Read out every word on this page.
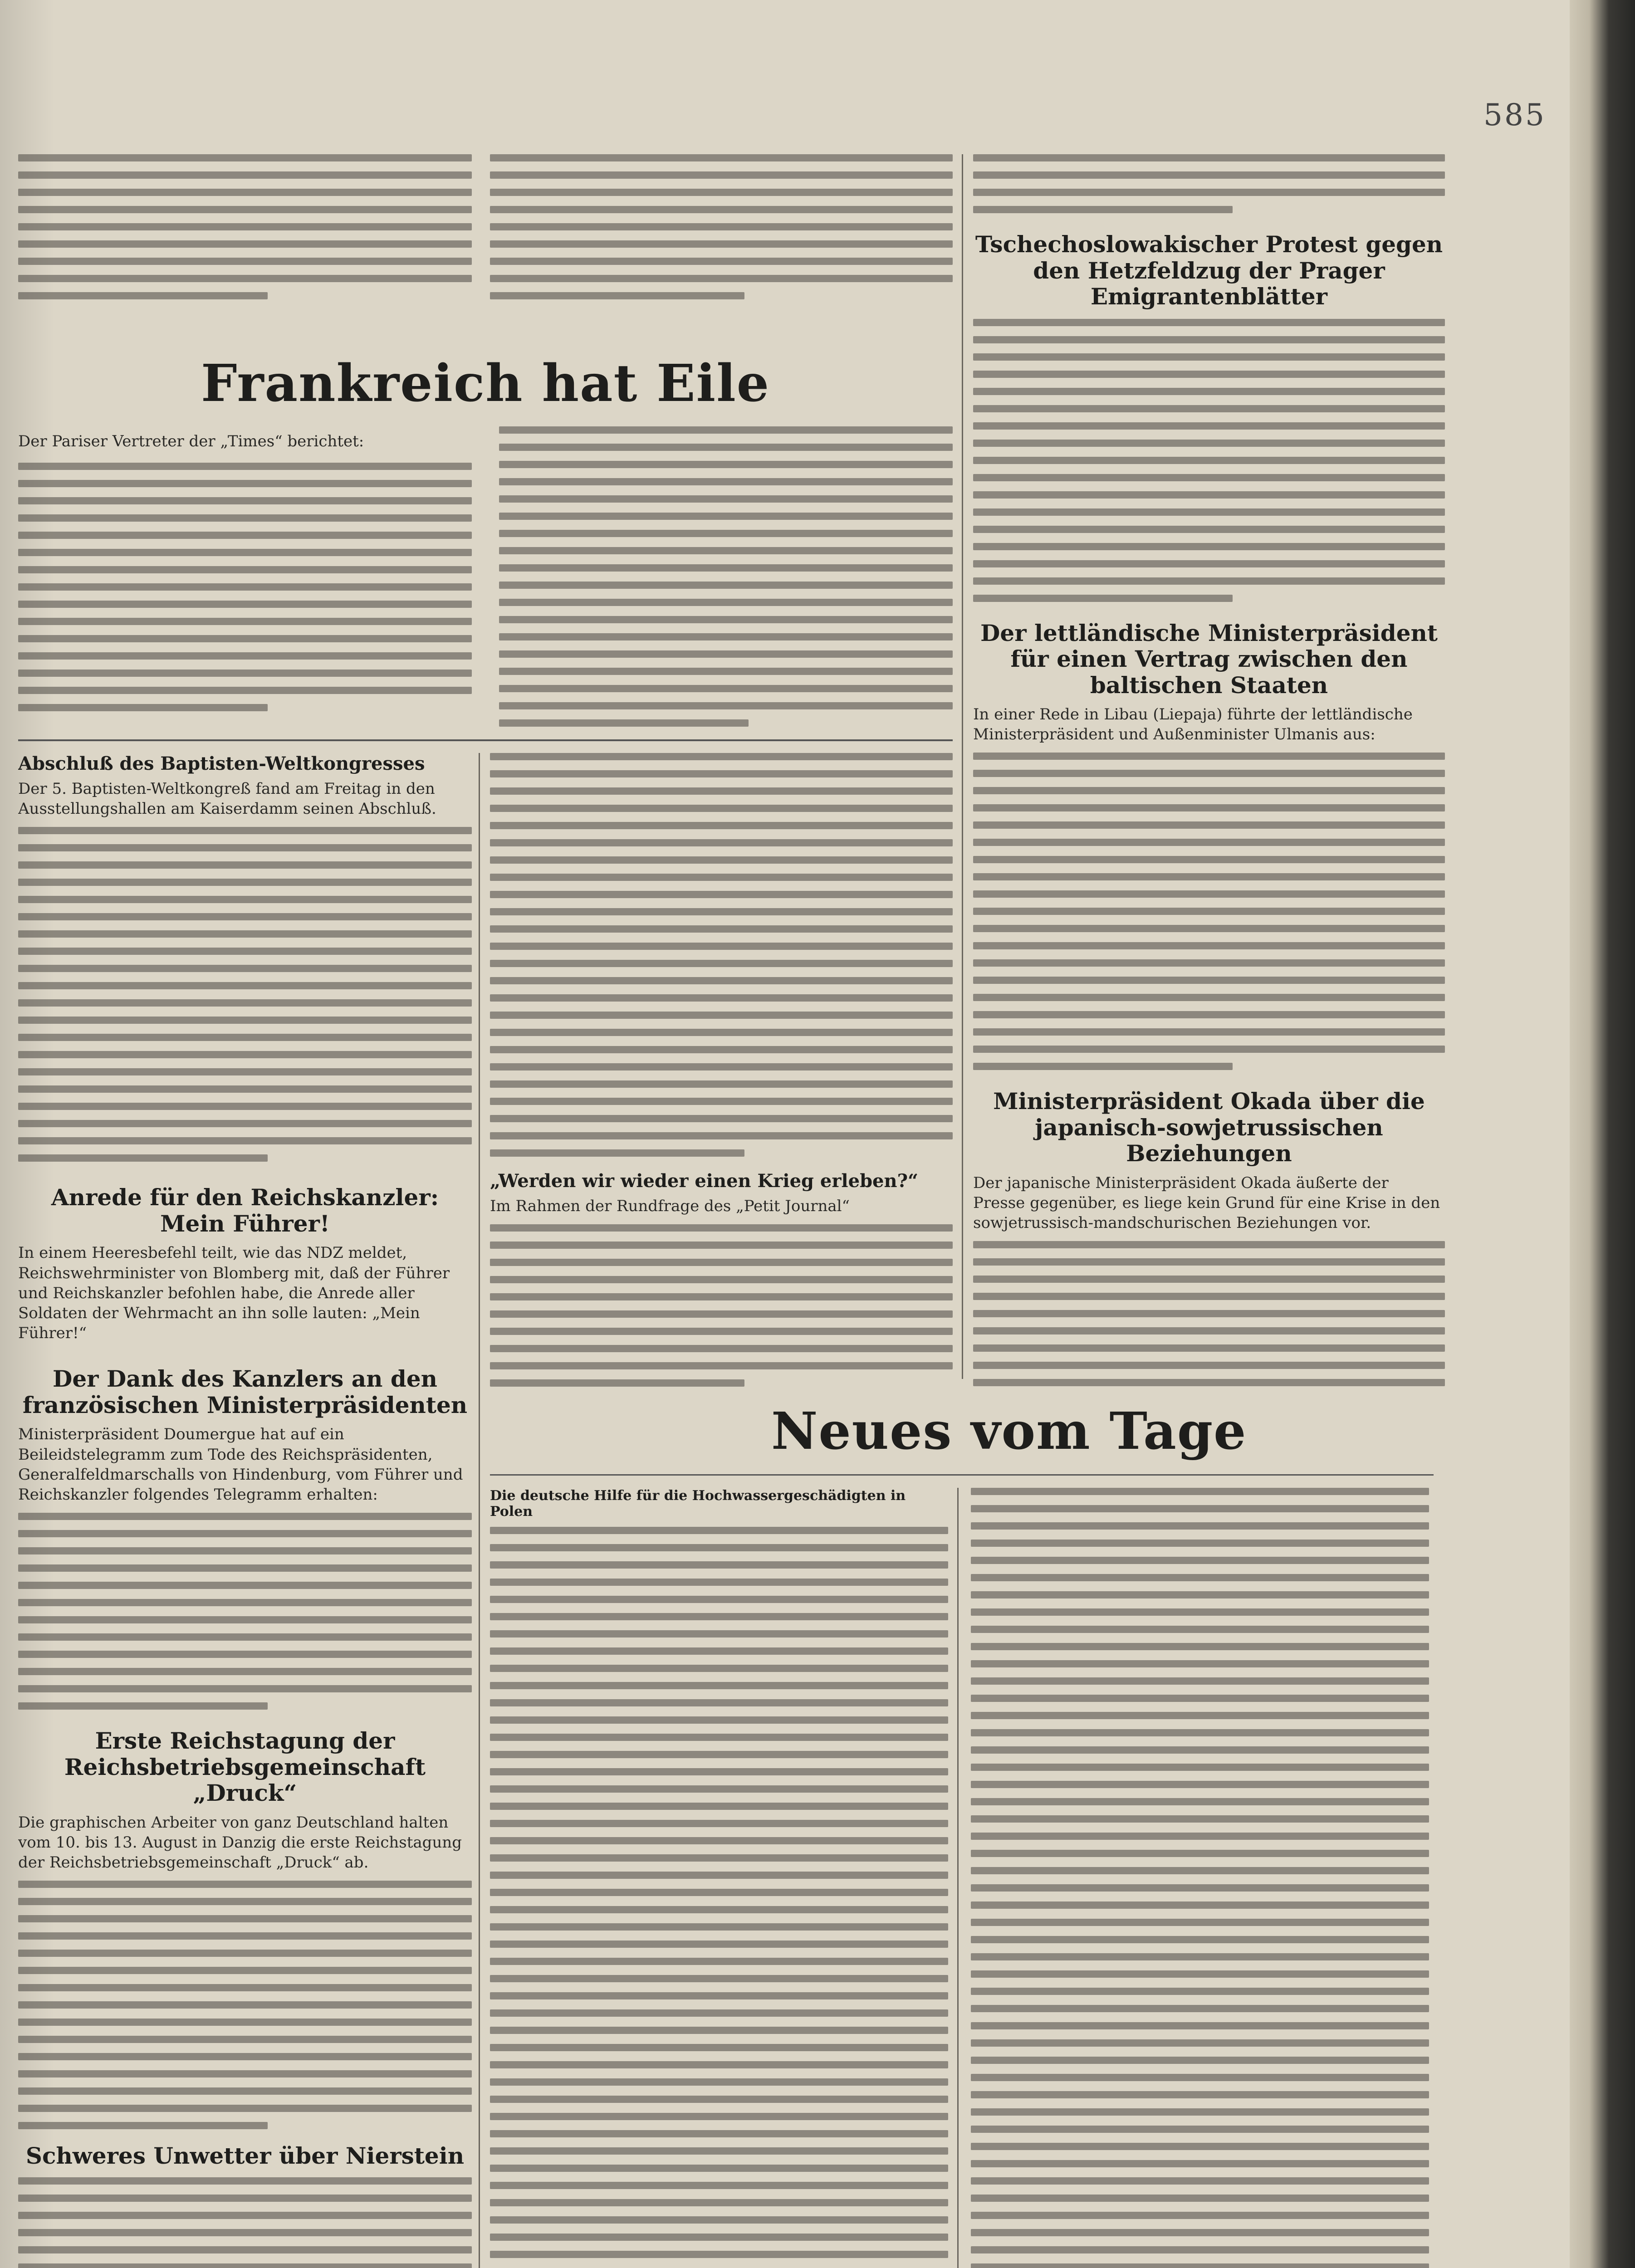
585
Frankreich hat Eile
Der Pariser Vertreter der „Times“ berichtet:
Abschluß des Baptisten-Weltkongresses
Der 5. Baptisten-Weltkongreß fand am Freitag in den Ausstellungshallen am Kaiserdamm seinen Abschluß.
Anrede für den Reichskanzler: Mein Führer!
In einem Heeresbefehl teilt, wie das NDZ meldet, Reichswehrminister von Blomberg mit, daß der Führer und Reichskanzler befohlen habe, die Anrede aller Soldaten der Wehrmacht an ihn solle lauten: „Mein Führer!“
Der Dank des Kanzlers an den französischen Ministerpräsidenten
Ministerpräsident Doumergue hat auf ein Beileidstelegramm zum Tode des Reichspräsidenten, Generalfeldmarschalls von Hindenburg, vom Führer und Reichskanzler folgendes Telegramm erhalten:
Erste Reichstagung der Reichsbetriebsgemeinschaft „Druck“
Die graphischen Arbeiter von ganz Deutschland halten vom 10. bis 13. August in Danzig die erste Reichstagung der Reichsbetriebsgemeinschaft „Druck“ ab.
Schweres Unwetter über Nierstein
„Werden wir wieder einen Krieg erleben?“
Im Rahmen der Rundfrage des „Petit Journal“
Neues vom Tage
Die deutsche Hilfe für die Hochwassergeschädigten in Polen
Tschechoslowakischer Protest gegen den Hetzfeldzug der Prager Emigrantenblätter
Der lettländische Ministerpräsident für einen Vertrag zwischen den baltischen Staaten
In einer Rede in Libau (Liepaja) führte der lettländische Ministerpräsident und Außenminister Ulmanis aus:
Ministerpräsident Okada über die japanisch-sowjetrussischen Beziehungen
Der japanische Ministerpräsident Okada äußerte der Presse gegenüber, es liege kein Grund für eine Krise in den sowjetrussisch-mandschurischen Beziehungen vor.
